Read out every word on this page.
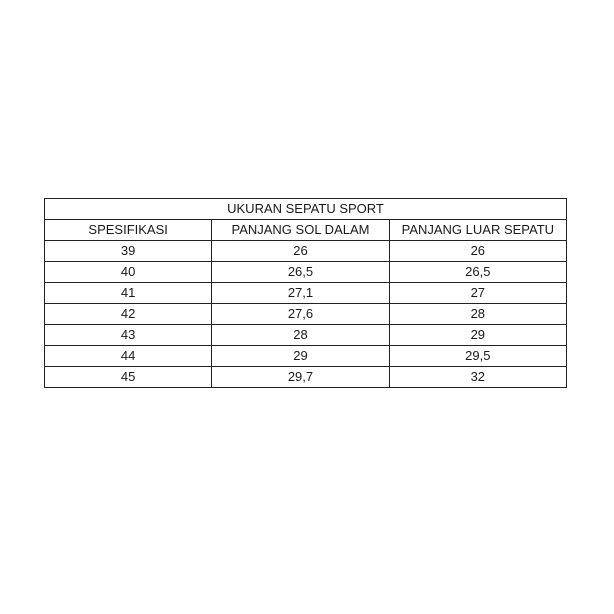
UKURAN SEPATU SPORT		
SPESIFIKASI	PANJANG SOL DALAM	PANJANG LUAR SEPATU
39	26	26
40	26,5	26,5
41	27,1	27
42	27,6	28
43	28	29
44	29	29,5
45	29,7	32
